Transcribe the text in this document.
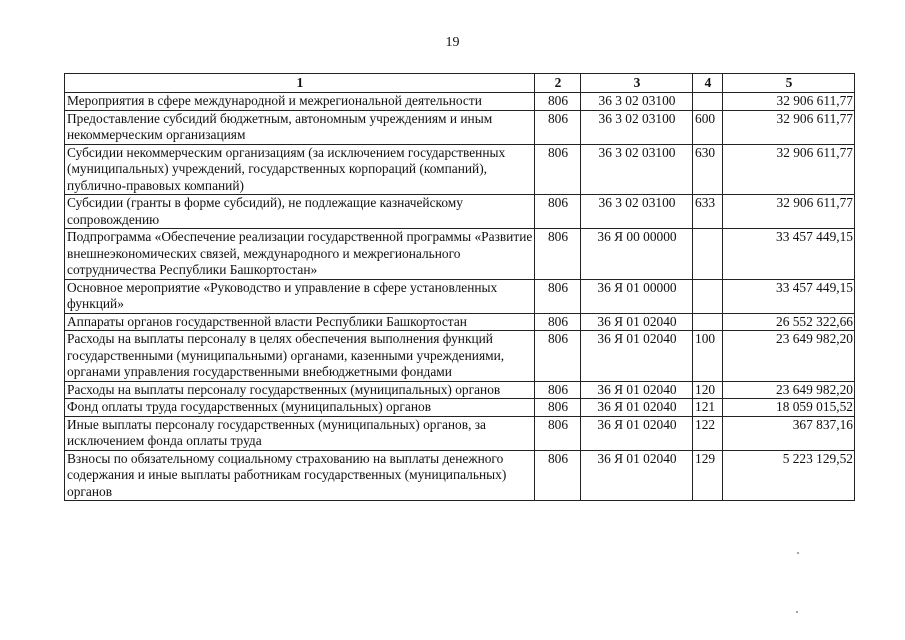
19
1	2	3	4	5
Мероприятия в сфере международной и межрегиональной деятельности	806	36 3 02 03100		32 906 611,77
Предоставление субсидий бюджетным, автономным учреждениям и иным некоммерческим организациям	806	36 3 02 03100	600	32 906 611,77
Субсидии некоммерческим организациям (за исключением государственных (муниципальных) учреждений, государственных корпораций (компаний), публично-правовых компаний)	806	36 3 02 03100	630	32 906 611,77
Субсидии (гранты в форме субсидий), не подлежащие казначейскому сопровождению	806	36 3 02 03100	633	32 906 611,77
Подпрограмма «Обеспечение реализации государственной программы «Развитие внешнеэкономических связей, международного и межрегионального сотрудничества Республики Башкортостан»	806	36 Я 00 00000		33 457 449,15
Основное мероприятие «Руководство и управление в сфере установленных функций»	806	36 Я 01 00000		33 457 449,15
Аппараты органов государственной власти Республики Башкортостан	806	36 Я 01 02040		26 552 322,66
Расходы на выплаты персоналу в целях обеспечения выполнения функций государственными (муниципальными) органами, казенными учреждениями, органами управления государственными внебюджетными фондами	806	36 Я 01 02040	100	23 649 982,20
Расходы на выплаты персоналу государственных (муниципальных) органов	806	36 Я 01 02040	120	23 649 982,20
Фонд оплаты труда государственных (муниципальных) органов	806	36 Я 01 02040	121	18 059 015,52
Иные выплаты персоналу государственных (муниципальных) органов, за исключением фонда оплаты труда	806	36 Я 01 02040	122	367 837,16
Взносы по обязательному социальному страхованию на выплаты денежного содержания и иные выплаты работникам государственных (муниципальных) органов	806	36 Я 01 02040	129	5 223 129,52
